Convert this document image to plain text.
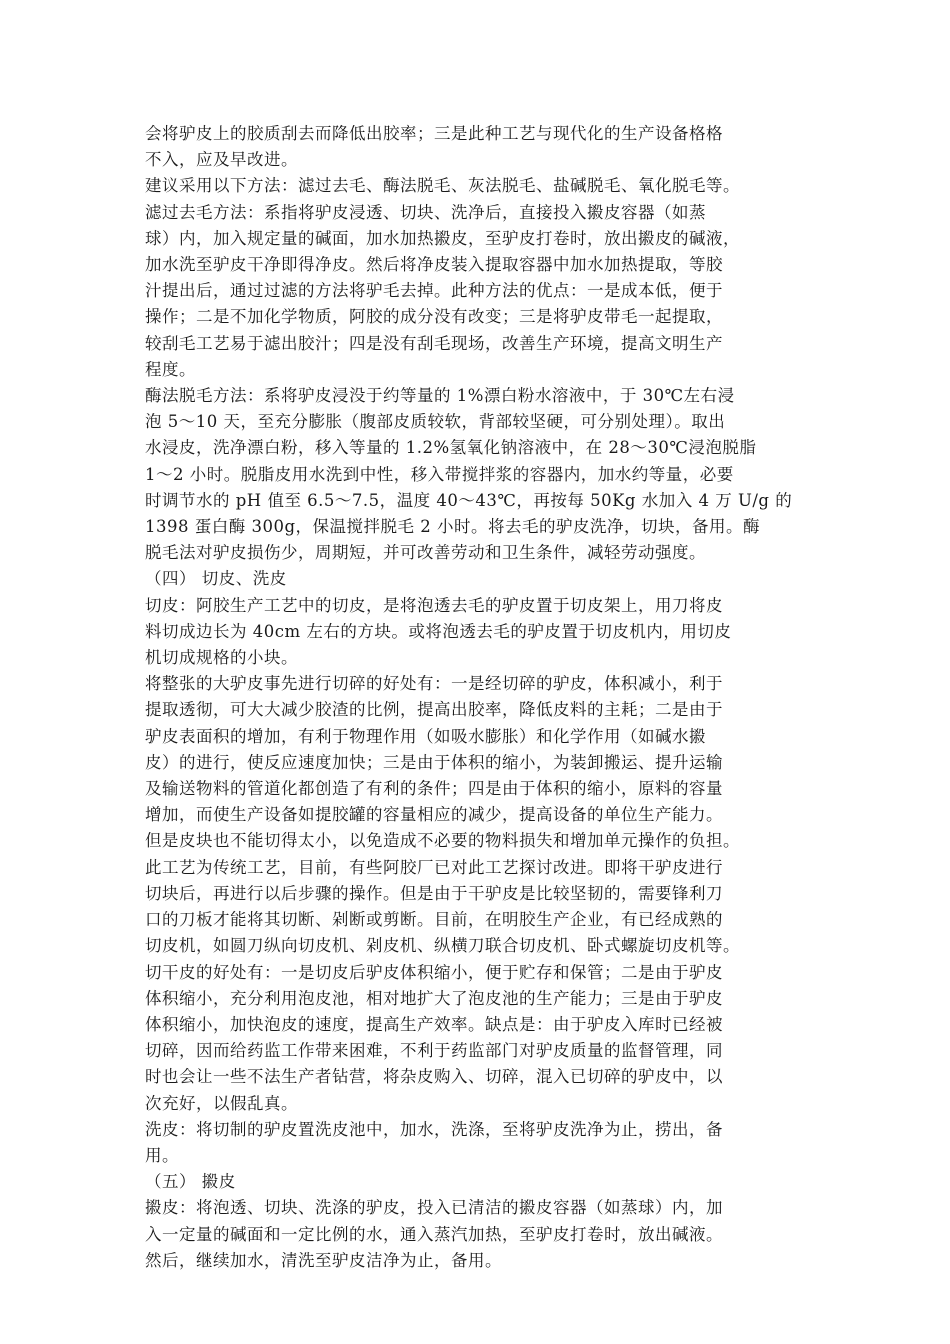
会将驴皮上的胶质刮去而降低出胶率；三是此种工艺与现代化的生产设备格格
不入，应及早改进。

建议采用以下方法：滤过去毛、酶法脱毛、灰法脱毛、盐碱脱毛、氧化脱毛等。

滤过去毛方法：系指将驴皮浸透、切块、洗净后，直接投入摋皮容器（如蒸
球）内，加入规定量的碱面，加水加热摋皮，至驴皮打卷时，放出摋皮的碱液，
加水洗至驴皮干净即得净皮。然后将净皮装入提取容器中加水加热提取，等胶
汁提出后，通过过滤的方法将驴毛去掉。此种方法的优点：一是成本低，便于
操作；二是不加化学物质，阿胶的成分没有改变；三是将驴皮带毛一起提取，
较刮毛工艺易于滤出胶汁；四是没有刮毛现场，改善生产环境，提高文明生产
程度。

酶法脱毛方法：系将驴皮浸没于约等量的 1%漂白粉水溶液中，于 30℃左右浸
泡 5～10 天，至充分膨胀（腹部皮质较软，背部较坚硬，可分别处理）。取出
水浸皮，洗净漂白粉，移入等量的 1.2%氢氧化钠溶液中，在 28～30℃浸泡脱脂
1～2 小时。脱脂皮用水洗到中性，移入带搅拌浆的容器内，加水约等量，必要
时调节水的 pH 值至 6.5～7.5，温度 40～43℃，再按每 50Kg 水加入 4 万 U/g 的
1398 蛋白酶 300g，保温搅拌脱毛 2 小时。将去毛的驴皮洗净，切块，备用。酶
脱毛法对驴皮损伤少，周期短，并可改善劳动和卫生条件，减轻劳动强度。

（四） 切皮、洗皮

切皮：阿胶生产工艺中的切皮，是将泡透去毛的驴皮置于切皮架上，用刀将皮
料切成边长为 40cm 左右的方块。或将泡透去毛的驴皮置于切皮机内，用切皮
机切成规格的小块。

将整张的大驴皮事先进行切碎的好处有：一是经切碎的驴皮，体积减小，利于
提取透彻，可大大减少胶渣的比例，提高出胶率，降低皮料的主耗；二是由于
驴皮表面积的增加，有利于物理作用（如吸水膨胀）和化学作用（如碱水摋
皮）的进行，使反应速度加快；三是由于体积的缩小，为装卸搬运、提升运输
及输送物料的管道化都创造了有利的条件；四是由于体积的缩小，原料的容量
增加，而使生产设备如提胶罐的容量相应的减少，提高设备的单位生产能力。

但是皮块也不能切得太小，以免造成不必要的物料损失和增加单元操作的负担。

此工艺为传统工艺，目前，有些阿胶厂已对此工艺探讨改进。即将干驴皮进行
切块后，再进行以后步骤的操作。但是由于干驴皮是比较坚韧的，需要锋利刀
口的刀板才能将其切断、剁断或剪断。目前，在明胶生产企业，有已经成熟的
切皮机，如圆刀纵向切皮机、剁皮机、纵横刀联合切皮机、卧式螺旋切皮机等。

切干皮的好处有：一是切皮后驴皮体积缩小，便于贮存和保管；二是由于驴皮
体积缩小，充分利用泡皮池，相对地扩大了泡皮池的生产能力；三是由于驴皮
体积缩小，加快泡皮的速度，提高生产效率。缺点是：由于驴皮入库时已经被
切碎，因而给药监工作带来困难，不利于药监部门对驴皮质量的监督管理，同
时也会让一些不法生产者钻营，将杂皮购入、切碎，混入已切碎的驴皮中，以
次充好，以假乱真。

洗皮：将切制的驴皮置洗皮池中，加水，洗涤，至将驴皮洗净为止，捞出，备
用。

（五） 摋皮

摋皮：将泡透、切块、洗涤的驴皮，投入已清洁的摋皮容器（如蒸球）内，加
入一定量的碱面和一定比例的水，通入蒸汽加热，至驴皮打卷时，放出碱液。
然后，继续加水，清洗至驴皮洁净为止，备用。
